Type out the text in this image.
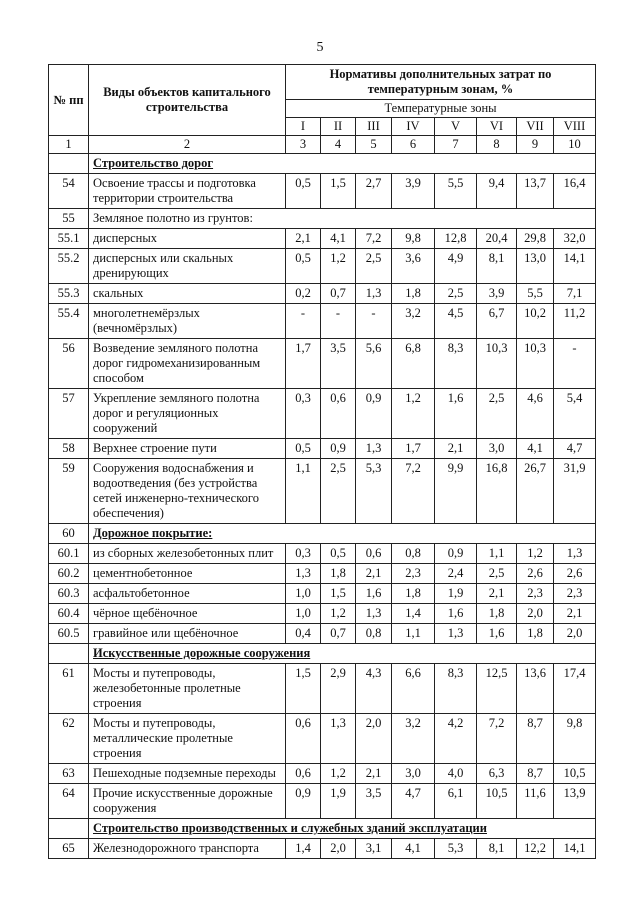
5
№ пп	Виды объектов капитального строительства	Нормативы дополнительных затрат по температурным зонам, %							
		Температурные зоны							
		I	II	III	IV	V	VI	VII	VIII
1	2	3	4	5	6	7	8	9	10
	Строительство дорог								
54	Освоение трассы и подготовка территории строительства	0,5	1,5	2,7	3,9	5,5	9,4	13,7	16,4
55	Земляное полотно из грунтов:								
55.1	дисперсных	2,1	4,1	7,2	9,8	12,8	20,4	29,8	32,0
55.2	дисперсных или скальных дренирующих	0,5	1,2	2,5	3,6	4,9	8,1	13,0	14,1
55.3	скальных	0,2	0,7	1,3	1,8	2,5	3,9	5,5	7,1
55.4	многолетнемёрзлых (вечномёрзлых)	-	-	-	3,2	4,5	6,7	10,2	11,2
56	Возведение земляного полотна дорог гидромеханизированным способом	1,7	3,5	5,6	6,8	8,3	10,3	10,3	-
57	Укрепление земляного полотна дорог и регуляционных сооружений	0,3	0,6	0,9	1,2	1,6	2,5	4,6	5,4
58	Верхнее строение пути	0,5	0,9	1,3	1,7	2,1	3,0	4,1	4,7
59	Сооружения водоснабжения и водоотведения (без устройства сетей инженерно-технического обеспечения)	1,1	2,5	5,3	7,2	9,9	16,8	26,7	31,9
60	Дорожное покрытие:								
60.1	из сборных железобетонных плит	0,3	0,5	0,6	0,8	0,9	1,1	1,2	1,3
60.2	цементнобетонное	1,3	1,8	2,1	2,3	2,4	2,5	2,6	2,6
60.3	асфальтобетонное	1,0	1,5	1,6	1,8	1,9	2,1	2,3	2,3
60.4	чёрное щебёночное	1,0	1,2	1,3	1,4	1,6	1,8	2,0	2,1
60.5	гравийное или щебёночное	0,4	0,7	0,8	1,1	1,3	1,6	1,8	2,0
	Искусственные дорожные сооружения								
61	Мосты и путепроводы, железобетонные пролетные строения	1,5	2,9	4,3	6,6	8,3	12,5	13,6	17,4
62	Мосты и путепроводы, металлические пролетные строения	0,6	1,3	2,0	3,2	4,2	7,2	8,7	9,8
63	Пешеходные подземные переходы	0,6	1,2	2,1	3,0	4,0	6,3	8,7	10,5
64	Прочие искусственные дорожные сооружения	0,9	1,9	3,5	4,7	6,1	10,5	11,6	13,9
	Строительство производственных и служебных зданий эксплуатации								
65	Железнодорожного транспорта	1,4	2,0	3,1	4,1	5,3	8,1	12,2	14,1
